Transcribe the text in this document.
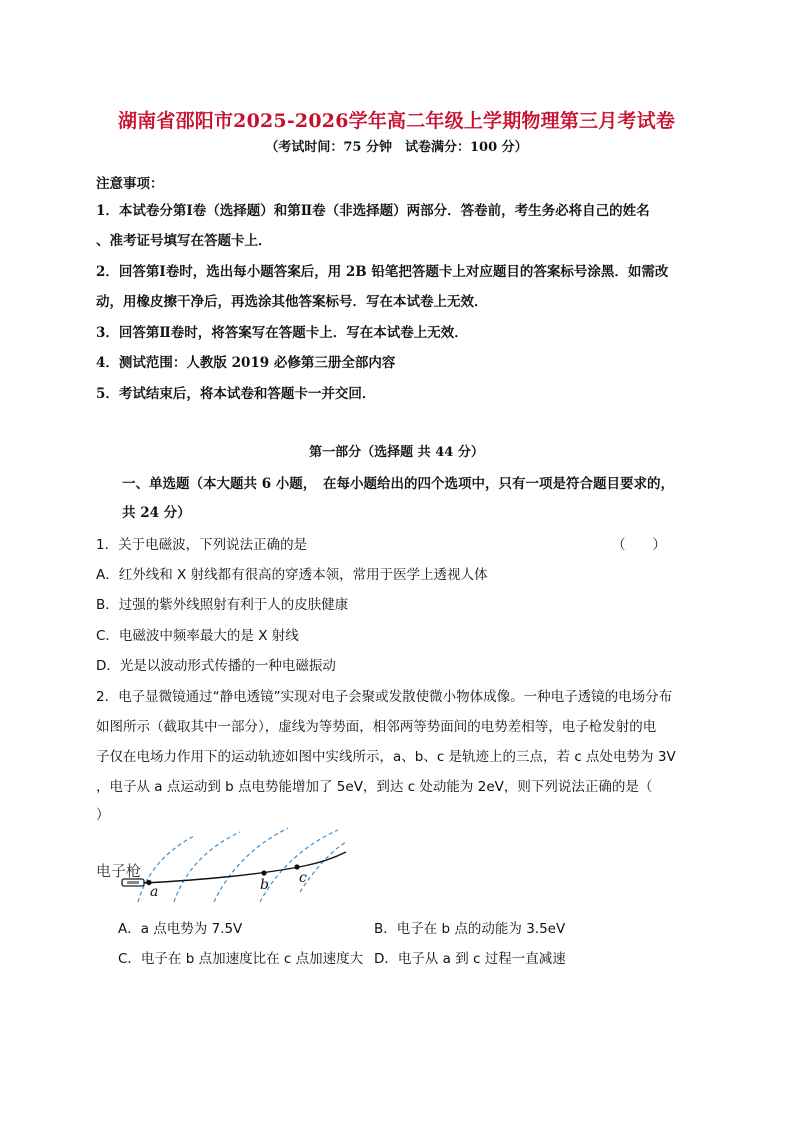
湖南省邵阳市2025-2026学年高二年级上学期物理第三月考试卷
（考试时间：75 分钟　试卷满分：100 分）
注意事项：
1．本试卷分第Ⅰ卷（选择题）和第Ⅱ卷（非选择题）两部分．答卷前，考生务必将自己的姓名
、准考证号填写在答题卡上．
2．回答第Ⅰ卷时，选出每小题答案后，用 2B 铅笔把答题卡上对应题目的答案标号涂黑．如需改
动，用橡皮擦干净后，再选涂其他答案标号．写在本试卷上无效．
3．回答第Ⅱ卷时，将答案写在答题卡上．写在本试卷上无效．
4．测试范围：人教版 2019 必修第三册全部内容
5．考试结束后，将本试卷和答题卡一并交回．
第一部分（选择题 共 44 分）
一、单选题（本大题共 6 小题，　在每小题给出的四个选项中，只有一项是符合题目要求的，
共 24 分）
1．关于电磁波，下列说法正确的是	（　　）
A．红外线和 X 射线都有很高的穿透本领，常用于医学上透视人体
B．过强的紫外线照射有利于人的皮肤健康
C．电磁波中频率最大的是 X 射线
D．光是以波动形式传播的一种电磁振动
2．电子显微镜通过“静电透镜”实现对电子会聚或发散使微小物体成像。一种电子透镜的电场分布
如图所示（截取其中一部分），虚线为等势面，相邻两等势面间的电势差相等，电子枪发射的电
子仅在电场力作用下的运动轨迹如图中实线所示，a、b、c 是轨迹上的三点，若 c 点处电势为 3V
，电子从 a 点运动到 b 点电势能增加了 5eV，到达 c 处动能为 2eV，则下列说法正确的是（
）
电子枪
a	b c
A．a 点电势为 7.5V	B．电子在 b 点的动能为 3.5eV
C．电子在 b 点加速度比在 c 点加速度大 D．电子从 a 到 c 过程一直减速
